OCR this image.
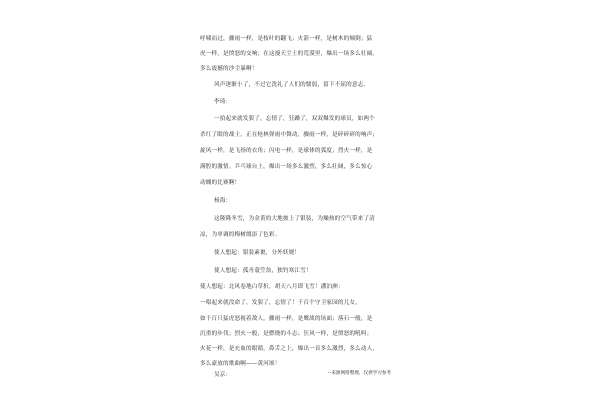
呼啸而过，骤雨一样，是枝叶的翻飞；火箭一样，是树木的倾倒；猛
虎一样，是愤怒的交响；在这漫天尘土的荒漠里，爆出一场多么壮阔、
多么震撼的沙尘暴啊！
风声逐渐小了，不过它洗礼了人们的懦弱，留下不屈的意志。
李琦：
一拍起来就发狠了，忘情了，狂躁了，双双爆发的球员，如两个
杀红了眼的战士，正在枪林弹雨中舞动，骤雨一样，是碎碎碎的响声；
旋风一样，是飞扬的衣角；闪电一样，是球体的弧度；烈火一样，是
满腔的激情。乒乓球台上，爆出一场多么激烈，多么壮阔，多么惊心
动魄的比赛啊！
杨海：
这隆隆冬雪，为金黄的大地披上了银装，为燥热的空气带来了清
凉，为单调的梅树缀添了色彩。
使人想起：银装素裹，分外妖娆！
使人想起：孤舟蓑笠翁，独钓寒江雪！
使人想起：北风卷地白草折，胡天八月即飞雪！潘泊洲：
一唱起来就没命了，发狠了，忘情了！千百个守卫家园的儿女，
如千百只猛虎怒视着敌人，骤雨一样，是鹰战的场面；落石一般，是
沉重的步伐；烈火一般，是燃烧的斗志；狂风一样，是愤怒的吼叫；
火花一样，是充血的眼睛，鼻舌之上，爆出一首多么激烈，多么动人，
多么豪放的歌曲啊——黄河颂！
吴京：	--来源网络整理，仅供学习参考
